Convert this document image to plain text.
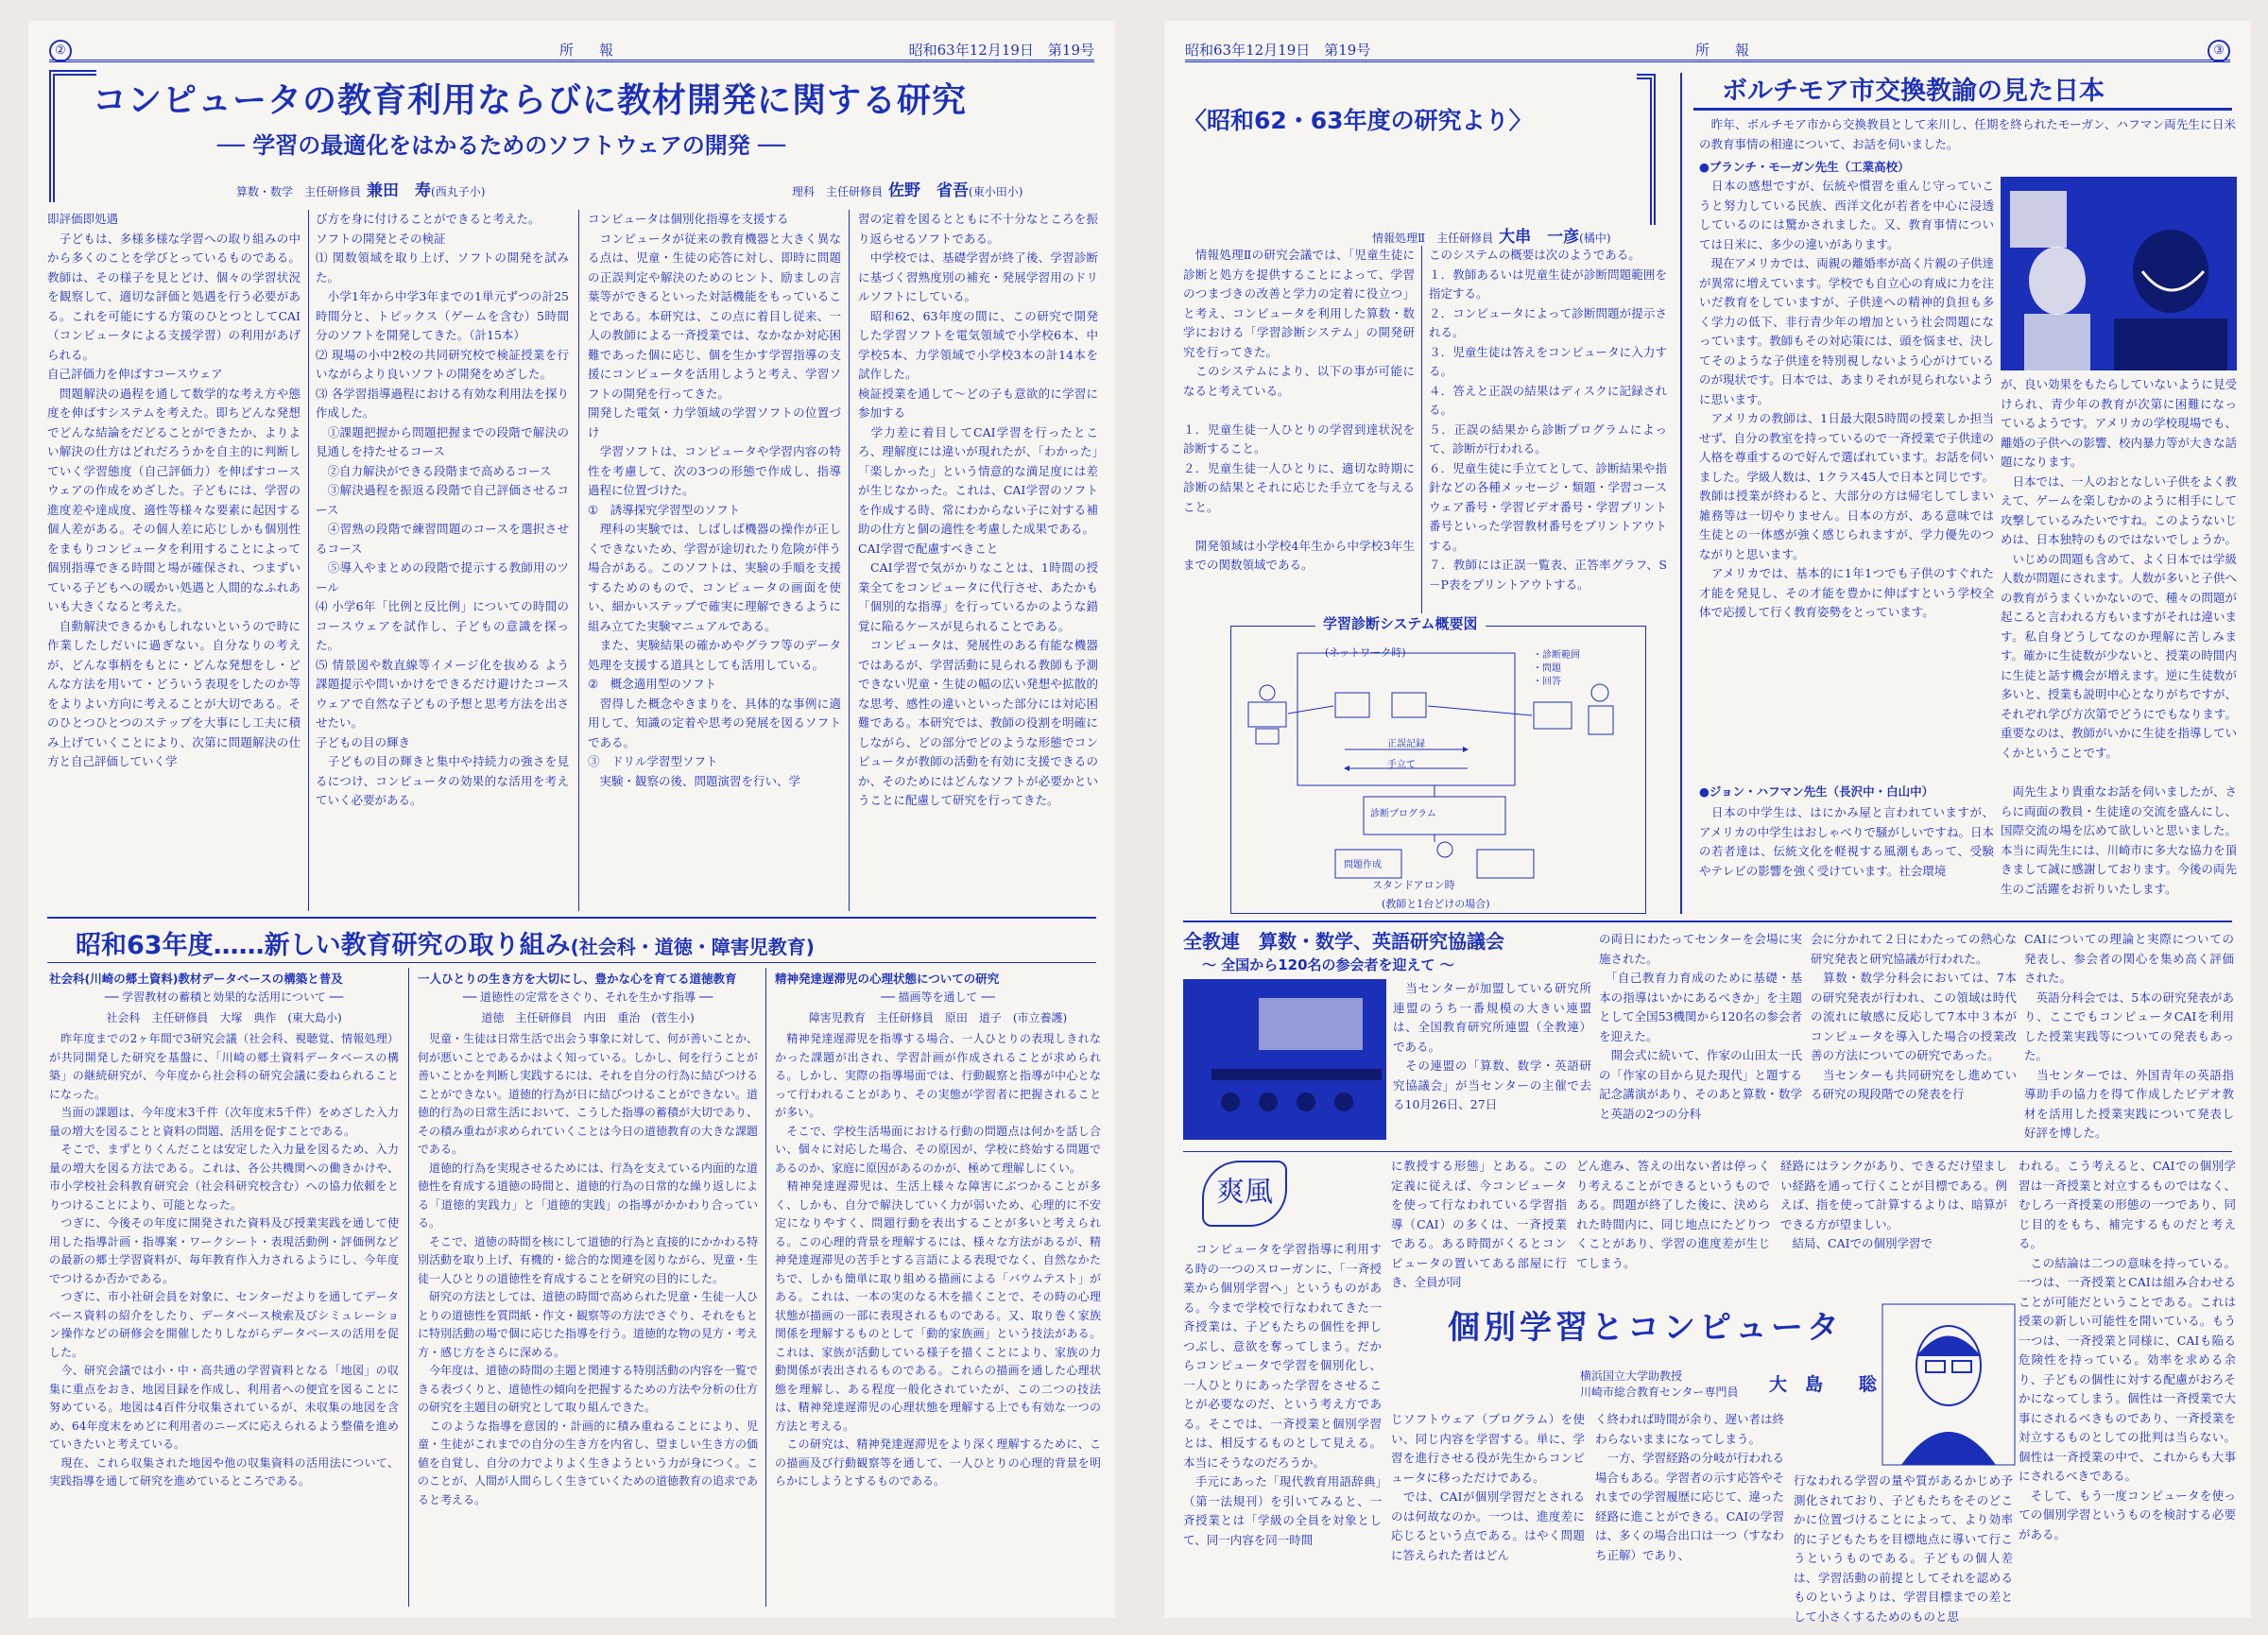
②	所　報	昭和63年12月19日　第19号
コンピュータの教育利用ならびに教材開発に関する研究
── 学習の最適化をはかるためのソフトウェアの開発 ──
算数・数学　主任研修員 兼田　寿(西丸子小)	理科　主任研修員 佐野　省吾(東小田小)
即評価即処遇
　子どもは、多様多様な学習への取り組みの中から多くのことを学びとっているものである。教師は、その様子を見とどけ、個々の学習状況を観察して、適切な評価と処遇を行う必要がある。これを可能にする方策のひとつとしてCAI（コンピュータによる支援学習）の利用があげられる。
自己評価力を伸ばすコースウェア
　問題解決の過程を通して数学的な考え方や態度を伸ばすシステムを考えた。即ちどんな発想でどんな結論をだどることができたか、よりよい解決の仕方はどれだろうかを自主的に判断していく学習態度（自己評価力）を伸ばすコースウェアの作成をめざした。子どもには、学習の進度差や達成度、適性等様々な要素に起因する個人差がある。その個人差に応じしかも個別性をまもりコンピュータを利用することによって個別指導できる時間と場が確保され、つまずいている子どもへの暖かい処遇と人間的なふれあいも大きくなると考えた。
　自動解決できるかもしれないというので時に作業したしだいに過ぎない。自分なりの考えが、どんな事柄をもとに・どんな発想をし・どんな方法を用いて・どういう表現をしたのか等をよりよい方向に考えることが大切である。そのひとつひとつのステップを大事にし工夫に積み上げていくことにより、次第に問題解決の仕方と自己評価していく学
び方を身に付けることができると考えた。
ソフトの開発とその検証
⑴ 関数領域を取り上げ、ソフトの開発を試みた。
　小学1年から中学3年までの1単元ずつの計25時間分と、トピックス（ゲームを含む）5時間分のソフトを開発してきた。（計15本）
⑵ 現場の小中2校の共同研究校で検証授業を行いながらより良いソフトの開発をめざした。
⑶ 各学習指導過程における有効な利用法を探り作成した。
　①課題把握から問題把握までの段階で解決の見通しを持たせるコース
　②自力解決ができる段階まで高めるコース
　③解決過程を振返る段階で自己評価させるコース
　④習熟の段階で練習問題のコースを選択させるコース
　⑤導入やまとめの段階で提示する教師用のツール
⑷ 小学6年「比例と反比例」についての時間のコースウェアを試作し、子どもの意識を探った。
⑸ 情景図や数直線等イメージ化を抜める よう課題提示や問いかけをできるだけ避けたコースウェアで自然な子どもの予想と思考方法を出させたい。
子どもの目の輝き
　子どもの目の輝きと集中や持続力の強さを見るにつけ、コンピュータの効果的な活用を考えていく必要がある。
コンピュータは個別化指導を支援する
　コンピュータが従来の教育機器と大きく異なる点は、児童・生徒の応答に対し、即時に問題の正誤判定や解決のためのヒント、励ましの言葉等ができるといった対話機能をもっていることである。本研究は、この点に着目し従来、一人の教師による一斉授業では、なかなか対応困難であった個に応じ、個を生かす学習指導の支援にコンピュータを活用しようと考え、学習ソフトの開発を行ってきた。
開発した電気・力学領域の学習ソフトの位置づけ
　学習ソフトは、コンピュータや学習内容の特性を考慮して、次の3つの形態で作成し、指導過程に位置づけた。
①　誘導探究学習型のソフト
　理科の実験では、しばしば機器の操作が正しくできないため、学習が途切れたり危険が伴う場合がある。このソフトは、実験の手順を支援するためのもので、コンピュータの画面を使い、細かいステップで確実に理解できるように組み立てた実験マニュアルである。
　また、実験結果の確かめやグラフ等のデータ処理を支援する道具としても活用している。
②　概念適用型のソフト
　習得した概念やきまりを、具体的な事例に適用して、知識の定着や思考の発展を図るソフトである。
③　ドリル学習型ソフト
　実験・観察の後、問題演習を行い、学
習の定着を図るとともに不十分なところを振り返らせるソフトである。
　中学校では、基礎学習が終了後、学習診断に基づく習熟度別の補充・発展学習用のドリルソフトにしている。
　昭和62、63年度の間に、この研究で開発した学習ソフトを電気領域で小学校6本、中学校5本、力学領域で小学校3本の計14本を試作した。
検証授業を通して～どの子も意欲的に学習に参加する
　学力差に着目してCAI学習を行ったところ、理解度には違いが現れたが、「わかった」「楽しかった」という情意的な満足度には差が生じなかった。これは、CAI学習のソフトを作成する時、常にわからない子に対する補助の仕方と個の適性を考慮した成果である。
CAI学習で配慮すべきこと
　CAI学習で気がかりなことは、1時間の授業全てをコンピュータに代行させ、あたかも「個別的な指導」を行っているかのような錯覚に陥るケースが見られることである。
　コンピュータは、発展性のある有能な機器ではあるが、学習活動に見られる教師も予測できない児童・生徒の幅の広い発想や拡散的な思考、感性の違いといった部分には対応困難である。本研究では、教師の役割を明確にしながら、どの部分でどのような形態でコンピュータが教師の活動を有効に支援できるのか、そのためにはどんなソフトが必要かということに配慮して研究を行ってきた。
昭和63年度……新しい教育研究の取り組み(社会科・道徳・障害児教育)
社会科(川崎の郷土資料)教材データベースの構築と普及
── 学習教材の蓄積と効果的な活用について ──
社会科　主任研修員　大塚　典作　(東大島小)
　昨年度までの2ヶ年間で3研究会議（社会科、視聴覚、情報処理）が共同開発した研究を基盤に、「川崎の郷土資料データベースの構築」の継続研究が、今年度から社会科の研究会議に委ねられることになった。
　当面の課題は、今年度末3千件（次年度末5千件）をめざした入力量の増大を図ることと資料の問題、活用を促すことである。
　そこで、まずとりくんだことは安定した入力量を図るため、入力量の増大を図る方法である。これは、各公共機関への働きかけや、市小学校社会科教育研究会（社会科研究校含む）への協力依頼をとりつけることにより、可能となった。
　つぎに、今後その年度に開発された資料及び授業実践を通して使用した指導計画・指導案・ワークシート・表現活動例・評価例などの最新の郷土学習資料が、毎年教育作入力されるようにし、今年度でつけるか否かである。
　つぎに、市小社研会員を対象に、センターだよりを通してデータベース資料の紹介をしたり、データベース検索及びシミュレーション操作などの研修会を開催したりしながらデータベースの活用を促した。
　今、研究会議では小・中・高共通の学習資料となる「地図」の収集に重点をおき、地図目録を作成し、利用者への便宜を図ることに努めている。地図は4百件分収集されているが、未収集の地図を含め、64年度末をめどに利用者のニーズに応えられるよう整備を進めていきたいと考えている。
　現在、これら収集された地図や他の収集資料の活用法について、実践指導を通して研究を進めているところである。
一人ひとりの生き方を大切にし、豊かな心を育てる道徳教育
── 道徳性の定常をさぐり、それを生かす指導 ──
道徳　主任研修員　内田　重治　(菅生小)
　児童・生徒は日常生活で出会う事象に対して、何が善いことか、何が悪いことであるかはよく知っている。しかし、何を行うことが善いことかを判断し実践するには、それを自分の行為に結びつけることができない。道徳的行為が日に結びつけることができない。道徳的行為の日常生活において、こうした指導の蓄積が大切であり、その積み重ねが求められていくことは今日の道徳教育の大きな課題である。
　道徳的行為を実現させるためには、行為を支えている内面的な道徳性を育成する道徳の時間と、道徳的行為の日常的な繰り返しによる「道徳的実践力」と「道徳的実践」の指導がかかわり合っている。
　そこで、道徳の時間を核にして道徳的行為と直接的にかかわる特別活動を取り上げ、有機的・総合的な関連を図りながら、児童・生徒一人ひとりの道徳性を育成することを研究の目的にした。
　研究の方法としては、道徳の時間で高められた児童・生徒一人ひとりの道徳性を質問紙・作文・観察等の方法でさぐり、それをもとに特別活動の場で個に応じた指導を行う。道徳的な物の見方・考え方・感じ方をさらに深める。
　今年度は、道徳の時間の主題と関連する特別活動の内容を一覧できる表づくりと、道徳性の傾向を把握するための方法や分析の仕方の研究を主題目の研究として取り組んできた。
　このような指導を意図的・計画的に積み重ねることにより、児童・生徒がこれまでの自分の生き方を内省し、望ましい生き方の価値を自覚し、自分の力でよりよく生きようという力が身につく。このことが、人間が人間らしく生きていくための道徳教育の追求であると考える。
精神発達遅滞児の心理状態についての研究
── 描画等を通して ──
障害児教育　主任研修員　原田　道子　(市立養護)
　精神発達遅滞児を指導する場合、一人ひとりの表現しきれなかった課題が出され、学習計画が作成されることが求められる。しかし、実際の指導場面では、行動観察と指導が中心となって行われることがあり、その実態が学習者に把握されることが多い。
　そこで、学校生活場面における行動の問題点は何かを話し合い、個々に対応した場合、その原因が、学校に終始する問題であるのか、家庭に原因があるのかが、極めて理解しにくい。
　精神発達遅滞児は、生活上様々な障害にぶつかることが多く、しかも、自分で解決していく力が弱いため、心理的に不安定になりやすく、問題行動を表出することが多いと考えられる。この心理的背景を理解するには、様々な方法があるが、精神発達遅滞児の苦手とする言語による表現でなく、自然なかたちで、しかも簡単に取り組める描画による「バウムテスト」がある。これは、一本の実のなる木を描くことで、その時の心理状態が描画の一部に表現されるものである。又、取り巻く家族関係を理解するものとして「動的家族画」という技法がある。これは、家族が活動している様子を描くことにより、家族の力動関係が表出されるものである。これらの描画を通した心理状態を理解し、ある程度一般化されていたが、この二つの技法は、精神発達遅滞児の心理状態を理解する上でも有効な一つの方法と考える。
　この研究は、精神発達遅滞児をより深く理解するために、この描画及び行動観察等を通して、一人ひとりの心理的背景を明らかにしようとするものである。
昭和63年12月19日　第19号	所　報	③
〈昭和62・63年度の研究より〉
情報処理Ⅱ　主任研修員 大串　一彦(橘中)
　情報処理Ⅱの研究会議では、「児童生徒に診断と処方を提供することによって、学習のつまづきの改善と学力の定着に役立つ」と考え、コンピュータを利用した算数・数学における「学習診断システム」の開発研究を行ってきた。
　このシステムにより、以下の事が可能になると考えている。

１．児童生徒一人ひとりの学習到達状況を診断すること。
２．児童生徒一人ひとりに、適切な時期に診断の結果とそれに応じた手立てを与えること。

　開発領域は小学校4年生から中学校3年生までの関数領域である。
このシステムの概要は次のようである。
１．教師あるいは児童生徒が診断問題範囲を指定する。
２．コンピュータによって診断問題が提示される。
３．児童生徒は答えをコンピュータに入力する。
４．答えと正誤の結果はディスクに記録される。
５．正誤の結果から診断プログラムによって、診断が行われる。
６．児童生徒に手立てとして、診断結果や指針などの各種メッセージ・類題・学習コースウェア番号・学習ビデオ番号・学習プリント番号といった学習教材番号をプリントアウトする。
７．教師には正誤一覧表、正答率グラフ、S－P表をプリントアウトする。
学習診断システム概要図
(ネットワーク時)	・診断範囲
・問題
・回答
正誤記録
手立て
診断プログラム
問題作成
スタンドアロン時
(教師と1台どけの場合)
ボルチモア市交換教諭の見た日本
　昨年、ボルチモア市から交換教員として来川し、任期を終られたモーガン、ハフマン両先生に日米の教育事情の相違について、お話を伺いました。
●ブランチ・モーガン先生（工業高校）
　日本の感想ですが、伝統や慣習を重んじ守っていこうと努力している民族、西洋文化が若者を中心に浸透しているのには驚かされました。又、教育事情については日米に、多少の違いがあります。
　現在アメリカでは、両親の離婚率が高く片親の子供達が異常に増えています。学校でも自立心の育成に力を注いだ教育をしていますが、子供達への精神的負担も多く学力の低下、非行青少年の増加という社会問題になっています。教師もその対応策には、頭を悩ませ、決してそのような子供達を特別視しないよう心がけているのが現状です。日本では、あまりそれが見られないように思います。
　アメリカの教師は、1日最大限5時間の授業しか担当せず、自分の教室を持っているので一斉授業で子供達の人格を尊重するので好んで選ばれています。お話を伺いました。学級人数は、1クラス45人で日本と同じです。教師は授業が終わると、大部分の方は帰宅してしまい雑務等は一切やりません。日本の方が、ある意味では生徒との一体感が強く感じられますが、学力優先のつながりと思います。
　アメリカでは、基本的に1年1つでも子供のすぐれた才能を発見し、その才能を豊かに伸ばすという学校全体で応援して行く教育姿勢をとっています。
が、良い効果をもたらしていないように見受けられ、青少年の教育が次第に困難になっているようです。アメリカの学校現場でも、離婚の子供への影響、校内暴力等が大きな話題になります。
　日本では、一人のおとなしい子供をよく教えて、ゲームを楽しむかのように相手にして攻撃しているみたいですね。このようないじめは、日本独特のものではないでしょうか。
　いじめの問題も含めて、よく日本では学級人数が問題にされます。人数が多いと子供への教育がうまくいかないので、種々の問題が起こると言われる方もいますがそれは違います。私自身どうしてなのか理解に苦しみます。確かに生徒数が少ないと、授業の時間内に生徒と話す機会が増えます。逆に生徒数が多いと、授業も説明中心となりがちですが、それぞれ学び方次第でどうにでもなります。重要なのは、教師がいかに生徒を指導していくかということです。
●ジョン・ハフマン先生（長沢中・白山中）
　日本の中学生は、はにかみ屋と言われていますが、アメリカの中学生はおしゃべりで騒がしいですね。日本の若者達は、伝統文化を軽視する風潮もあって、受験やテレビの影響を強く受けています。社会環境
　両先生より貴重なお話を伺いましたが、さらに両面の教員・生徒達の交流を盛んにし、国際交流の場を広めて欲しいと思いました。本当に両先生には、川崎市に多大な協力を頂きまして誠に感謝しております。今後の両先生のご活躍をお祈りいたします。
全教連　算数・数学、英語研究協議会
～ 全国から120名の参会者を迎えて ～
　当センターが加盟している研究所連盟のうち一番規模の大きい連盟は、全国教育研究所連盟（全教連）である。
　その連盟の「算数、数学・英語研究協議会」が当センターの主催で去る10月26日、27日
の両日にわたってセンターを会場に実施された。
　「自己教育力育成のために基礎・基本の指導はいかにあるべきか」を主題として全国53機関から120名の参会者を迎えた。
　開会式に続いて、作家の山田太一氏の「作家の目から見た現代」と題する記念講演があり、そのあと算数・数学と英語の2つの分科
会に分かれて２日にわたっての熱心な研究発表と研究協議が行われた。
　算数・数学分科会においては、7本の研究発表が行われ、この領域は時代の流れに敏感に反応して7本中３本がコンピュータを導入した場合の授業改善の方法についての研究であった。
　当センターも共同研究をし進めている研究の現段階での発表を行
CAIについての理論と実際についての発表し、参会者の関心を集め高く評価された。
　英語分科会では、5本の研究発表があり、ここでもコンピュータCAIを利用した授業実践等についての発表もあった。
　当センターでは、外国青年の英語指導助手の協力を得て作成したビデオ教材を活用した授業実践について発表し好評を博した。
爽風
　コンピュータを学習指導に利用する時の一つのスローガンに、「一斉授業から個別学習へ」というものがある。今まで学校で行なわれてきた一斉授業は、子どもたちの個性を押しつぶし、意欲を奪ってしまう。だからコンピュータで学習を個別化し、一人ひとりにあった学習をさせることが必要なのだ、という考え方である。そこでは、一斉授業と個別学習とは、相反するものとして見える。本当にそうなのだろうか。
　手元にあった「現代教育用語辞典」（第一法規刊）を引いてみると、一斉授業とは「学級の全員を対象として、同一内容を同一時間
に教授する形態」とある。この定義に従えば、今コンピュータを使って行なわれている学習指導（CAI）の多くは、一斉授業である。ある時間がくるとコンピュータの置いてある部屋に行き、全員が同
どん進み、答えの出ない者は停っくり考えることができるというものである。問題が終了した後に、決められた時間内に、同じ地点にたどりつくことがあり、学習の進度差が生じてしまう。
経路にはランクがあり、できるだけ望ましい経路を通って行くことが目標である。例えば、指を使って計算するよりは、暗算ができる方が望ましい。
　結局、CAIでの個別学習で
われる。こう考えると、CAIでの個別学習は一斉授業と対立するものではなく、むしろ一斉授業の形態の一つであり、同じ目的をもち、補完するものだと考える。
　この結論は二つの意味を持っている。一つは、一斉授業とCAIは組み合わせることが可能だということである。これは授業の新しい可能性を開いている。もう一つは、一斉授業と同様に、CAIも陥る危険性を持っている。効率を求める余り、子どもの個性に対する配慮がおろそかになってしまう。個性は一斉授業で大事にされるべきものであり、一斉授業を対立するものとしての批判は当らない。個性は一斉授業の中で、これからも大事にされるべきである。
　そして、もう一度コンピュータを使っての個別学習というものを検討する必要がある。
個別学習とコンピュータ
横浜国立大学助教授
川崎市総合教育センター専門員 大　島　　聡
じソフトウェア（プログラム）を使い、同じ内容を学習する。単に、学習を進行させる役が先生からコンピュータに移っただけである。
　では、CAIが個別学習だとされるのは何故なのか。一つは、進度差に応じるという点である。はやく問題に答えられた者はどん
く終われば時間が余り、遅い者は終わらないままになってしまう。
　一方、学習経路の分岐が行われる場合もある。学習者の示す応答やそれまでの学習履歴に応じて、違った経路に進ことができる。CAIの学習は、多くの場合出口は一つ（すなわち正解）であり、
行なわれる学習の量や質があるかじめ予測化されており、子どもたちをそのどこかに位置づけることによって、より効率的に子どもたちを目標地点に導いて行こうというものである。子どもの個人差は、学習活動の前提としてそれを認めるものというよりは、学習目標までの差として小さくするためのものと思
